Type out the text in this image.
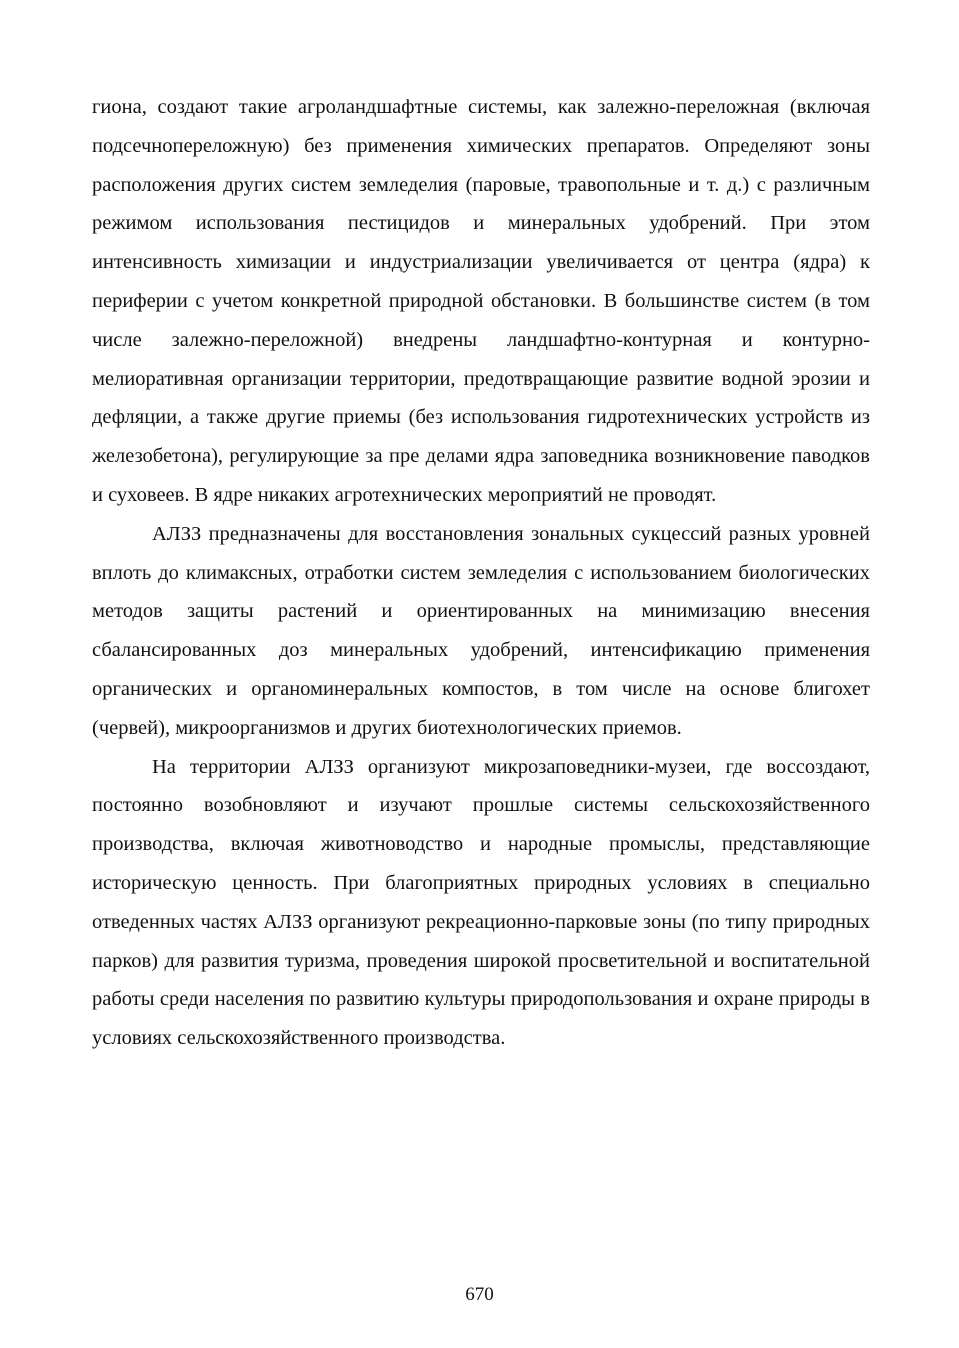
гиона, создают такие агроландшафтные системы, как залежно-переложная (включая подсечнопереложную) без применения химических препаратов. Определяют зоны расположения других систем земледелия (паровые, травопольные и т. д.) с различным режимом использования пестицидов и минеральных удобрений. При этом интенсивность химизации и индустриализации увеличивается от центра (ядра) к периферии с учетом конкретной природной обстановки. В большинстве систем (в том числе залежно-переложной) внедрены ландшафтно-контурная и контурно-мелиоративная организации территории, предотвращающие развитие водной эрозии и дефляции, а также другие приемы (без использования гидротехнических устройств из железобетона), регулирующие за пре делами ядра заповедника возникновение паводков и суховеев. В ядре никаких агротехнических мероприятий не проводят.

АЛЗЗ предназначены для восстановления зональных сукцессий разных уровней вплоть до климаксных, отработки систем земледелия с использованием биологических методов защиты растений и ориентированных на минимизацию внесения сбалансированных доз минеральных удобрений, интенсификацию применения органических и органоминеральных компостов, в том числе на основе блигохет (червей), микроорганизмов и других биотехнологических приемов.

На территории АЛЗЗ организуют микрозаповедники-музеи, где воссоздают, постоянно возобновляют и изучают прошлые системы сельскохозяйственного производства, включая животноводство и народные промыслы, представляющие историческую ценность. При благоприятных природных условиях в специально отведенных частях АЛЗЗ организуют рекреационно-парковые зоны (по типу природных парков) для развития туризма, проведения широкой просветительной и воспитательной работы среди населения по развитию культуры природопользования и охране природы в условиях сельскохозяйственного производства.

670
